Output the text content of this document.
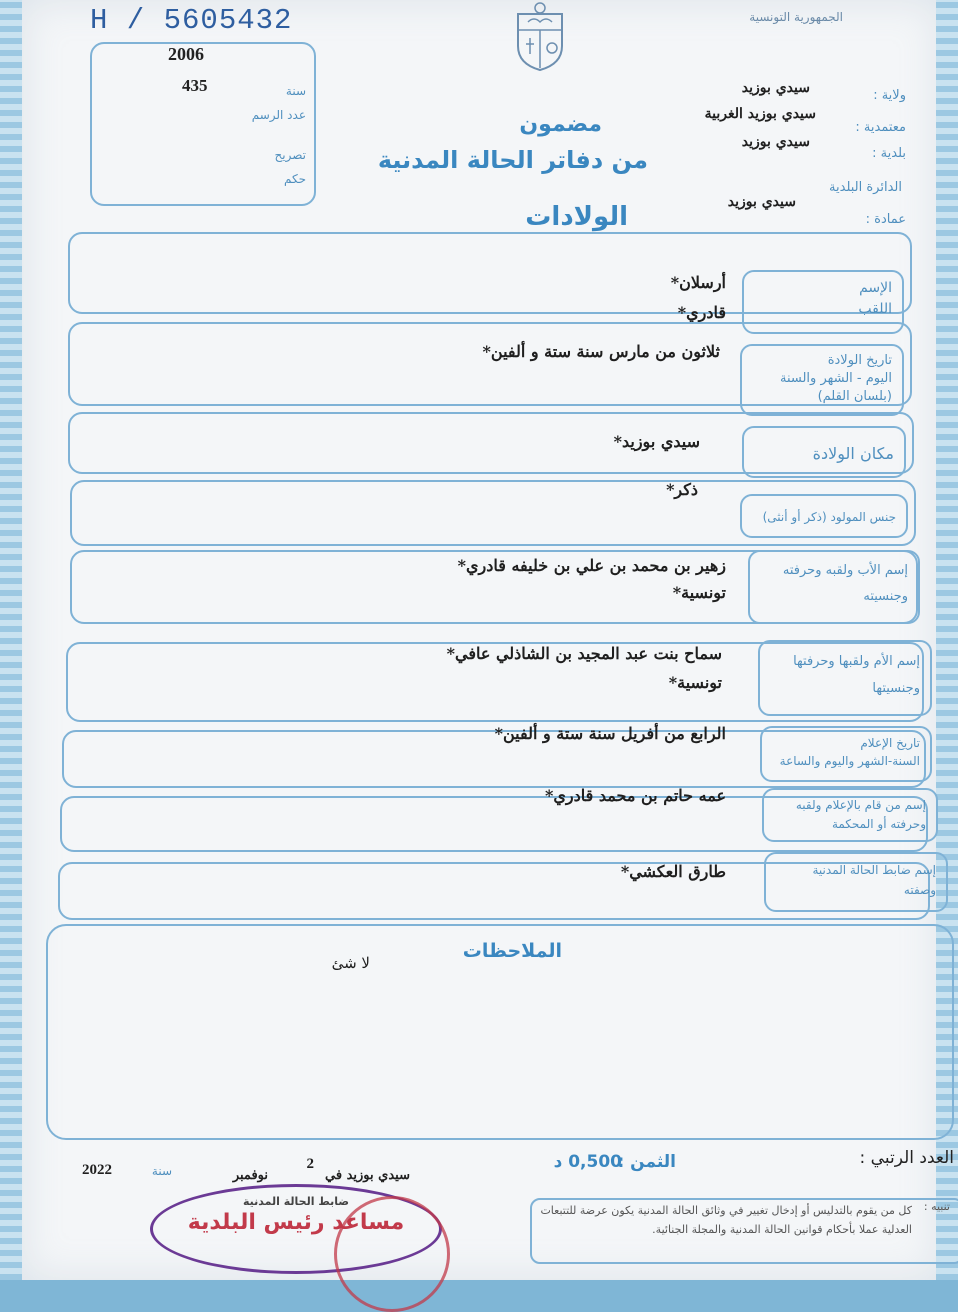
H / 5605432
2006
435	سنة
عدد الرسم
تصريح
حكم
الجمهورية التونسية
ولاية :
سيدي بوزيد
معتمدية :
سيدي بوزيد الغربية
بلدية :
سيدي بوزيد
الدائرة البلدية
عمادة :
سيدي بوزيد
مضمون
من دفاتر الحالة المدنية
الولادات
الإسم
اللقب
أرسلان*
قادري*
تاريخ الولادة
اليوم - الشهر والسنة
(بلسان القلم)
ثلاثون من مارس سنة ستة و ألفين*
مكان الولادة
سيدي بوزيد*
جنس المولود (ذكر أو أنثى)
ذكر*
إسم الأب ولقبه وحرفته
وجنسيته
زهير بن محمد بن علي بن خليفه قادري*
تونسية*
إسم الأم ولقبها وحرفتها
وجنسيتها
سماح بنت عبد المجيد بن الشاذلي عافي*
تونسية*
تاريخ الإعلام
السنة-الشهر واليوم والساعة
الرابع من أفريل سنة ستة و ألفين*
إسم من قام بالإعلام ولقبه
وحرفته أو المحكمة
عمه حاتم بن محمد قادري*
إسم ضابط الحالة المدنية
وصفته
طارق العكشي*
الملاحظات
لا شئ
العدد الرتبي :
الثمن :
0,500 د
سيدي بوزيد في
2
نوفمبر
سنة
2022
تنبيه :
كل من يقوم بالتدليس أو إدخال تغيير في وثائق الحالة المدنية يكون عرضة للتتبعات العدلية عملا بأحكام قوانين الحالة المدنية والمجلة الجنائية.
ضابط الحالة المدنية
مساعد رئيس البلدية
